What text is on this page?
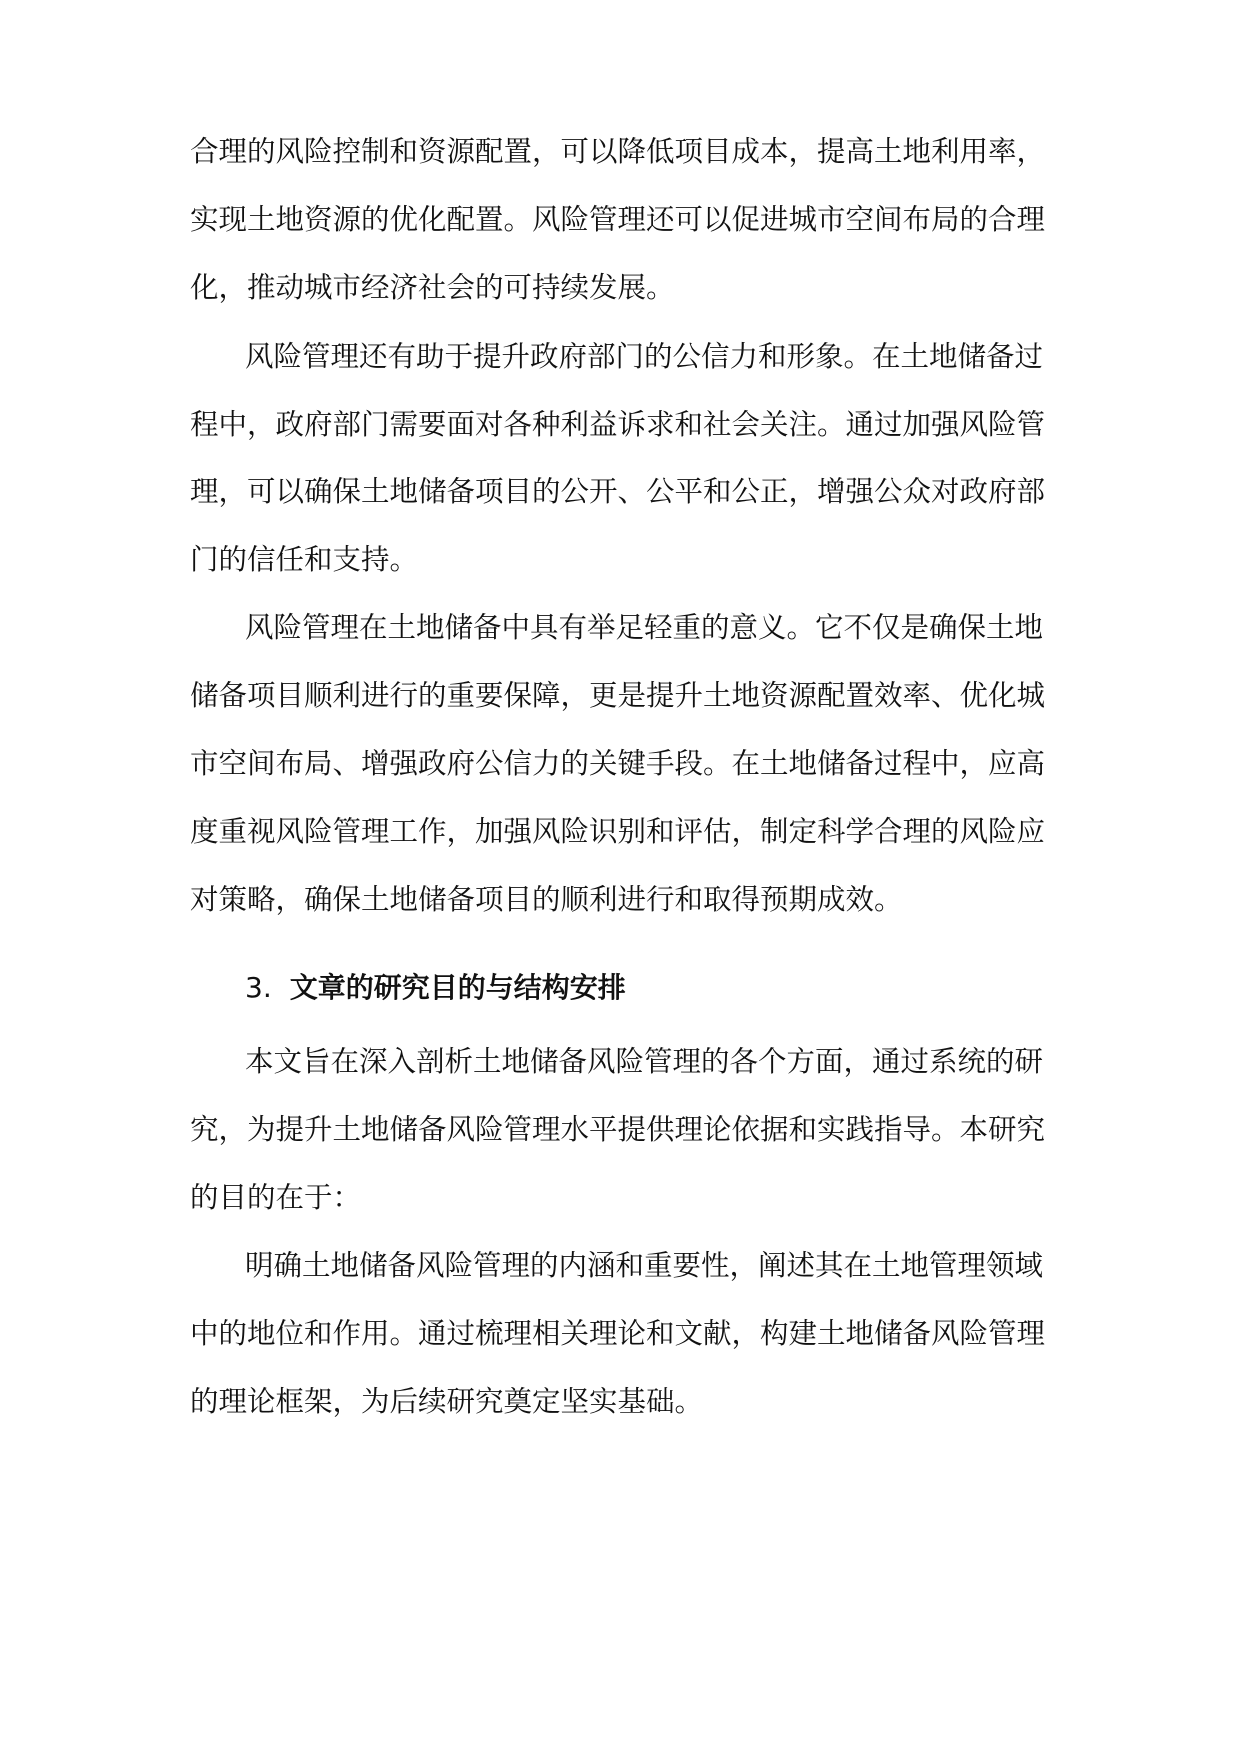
合理的风险控制和资源配置，可以降低项目成本，提高土地利用率，
实现土地资源的优化配置。风险管理还可以促进城市空间布局的合理
化，推动城市经济社会的可持续发展。
风险管理还有助于提升政府部门的公信力和形象。在土地储备过
程中，政府部门需要面对各种利益诉求和社会关注。通过加强风险管
理，可以确保土地储备项目的公开、公平和公正，增强公众对政府部
门的信任和支持。
风险管理在土地储备中具有举足轻重的意义。它不仅是确保土地
储备项目顺利进行的重要保障，更是提升土地资源配置效率、优化城
市空间布局、增强政府公信力的关键手段。在土地储备过程中，应高
度重视风险管理工作，加强风险识别和评估，制定科学合理的风险应
对策略，确保土地储备项目的顺利进行和取得预期成效。
3. 文章的研究目的与结构安排
本文旨在深入剖析土地储备风险管理的各个方面，通过系统的研
究，为提升土地储备风险管理水平提供理论依据和实践指导。本研究
的目的在于：
明确土地储备风险管理的内涵和重要性，阐述其在土地管理领域
中的地位和作用。通过梳理相关理论和文献，构建土地储备风险管理
的理论框架，为后续研究奠定坚实基础。
